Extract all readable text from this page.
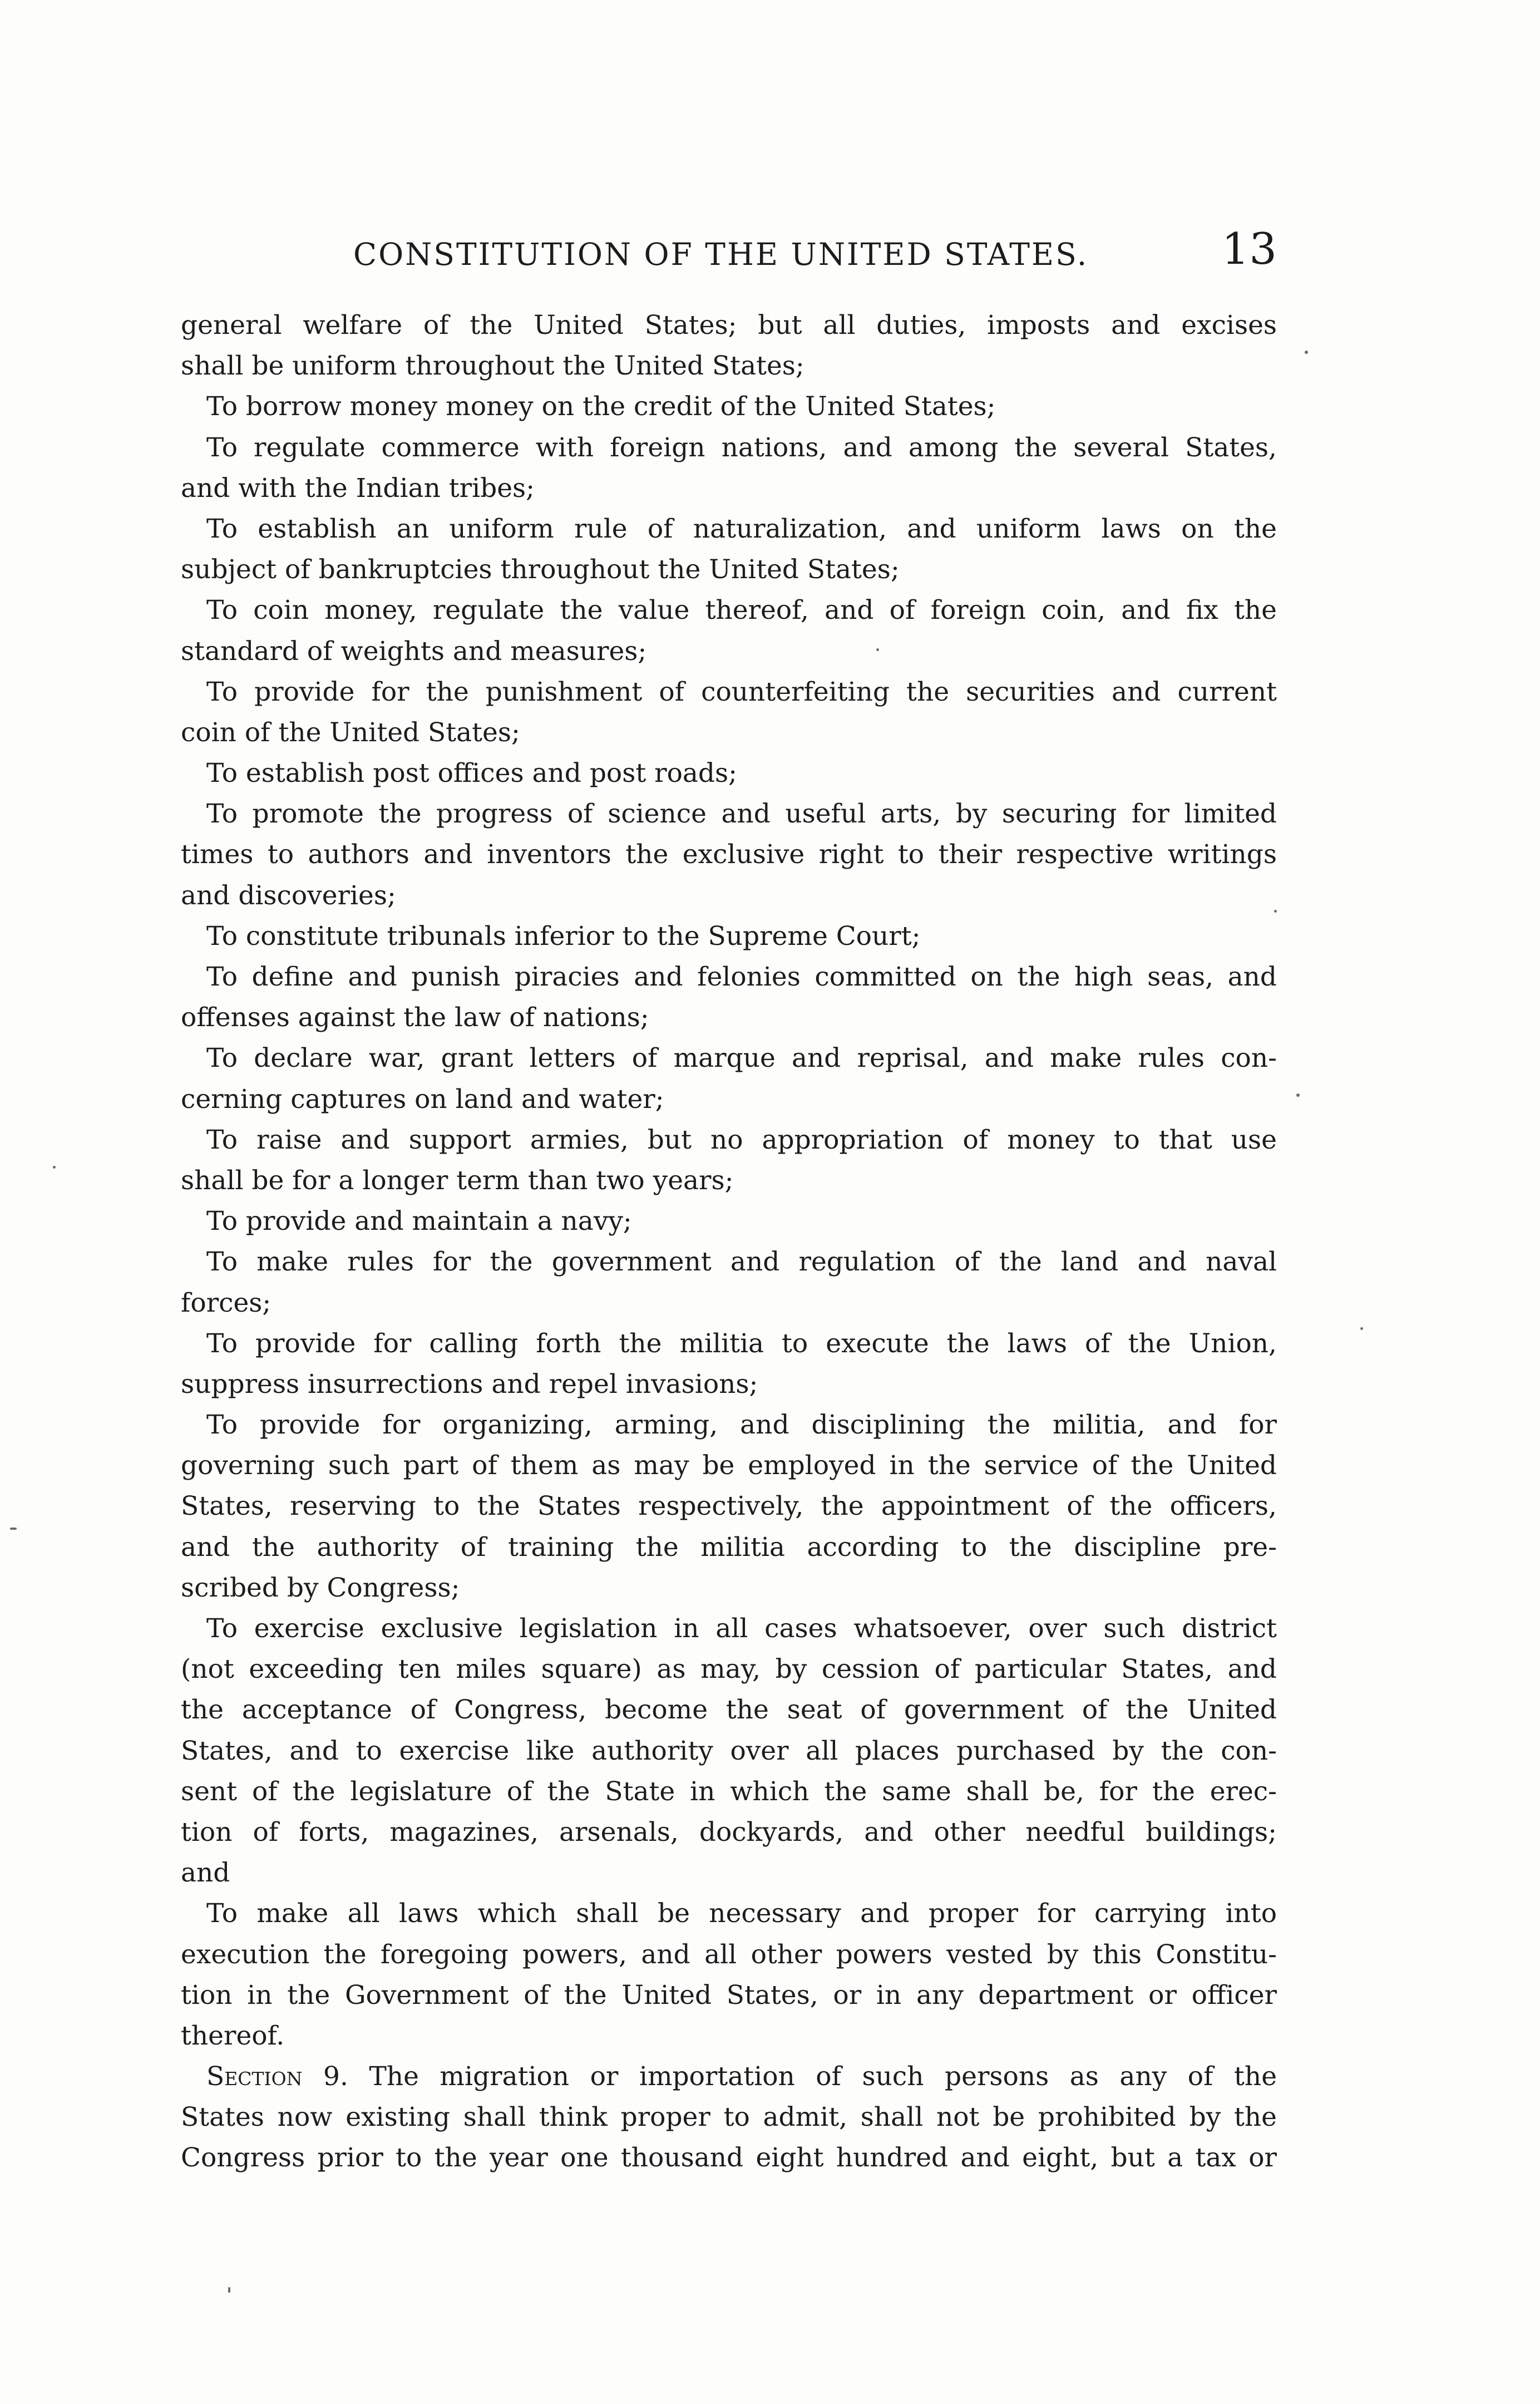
CONSTITUTION OF THE UNITED STATES.	13
general welfare of the United States; but all duties, imposts and excises
shall be uniform throughout the United States;
To borrow money money on the credit of the United States;
To regulate commerce with foreign nations, and among the several States,
and with the Indian tribes;
To establish an uniform rule of naturalization, and uniform laws on the
subject of bankruptcies throughout the United States;
To coin money, regulate the value thereof, and of foreign coin, and fix the
standard of weights and measures;
To provide for the punishment of counterfeiting the securities and current
coin of the United States;
To establish post offices and post roads;
To promote the progress of science and useful arts, by securing for limited
times to authors and inventors the exclusive right to their respective writings
and discoveries;
To constitute tribunals inferior to the Supreme Court;
To define and punish piracies and felonies committed on the high seas, and
offenses against the law of nations;
To declare war, grant letters of marque and reprisal, and make rules con-
cerning captures on land and water;
To raise and support armies, but no appropriation of money to that use
shall be for a longer term than two years;
To provide and maintain a navy;
To make rules for the government and regulation of the land and naval
forces;
To provide for calling forth the militia to execute the laws of the Union,
suppress insurrections and repel invasions;
To provide for organizing, arming, and disciplining the militia, and for
governing such part of them as may be employed in the service of the United
States, reserving to the States respectively, the appointment of the officers,
and the authority of training the militia according to the discipline pre-
scribed by Congress;
To exercise exclusive legislation in all cases whatsoever, over such district
(not exceeding ten miles square) as may, by cession of particular States, and
the acceptance of Congress, become the seat of government of the United
States, and to exercise like authority over all places purchased by the con-
sent of the legislature of the State in which the same shall be, for the erec-
tion of forts, magazines, arsenals, dockyards, and other needful buildings;
and
To make all laws which shall be necessary and proper for carrying into
execution the foregoing powers, and all other powers vested by this Constitu-
tion in the Government of the United States, or in any department or officer
thereof.
Section 9. The migration or importation of such persons as any of the
States now existing shall think proper to admit, shall not be prohibited by the
Congress prior to the year one thousand eight hundred and eight, but a tax or
